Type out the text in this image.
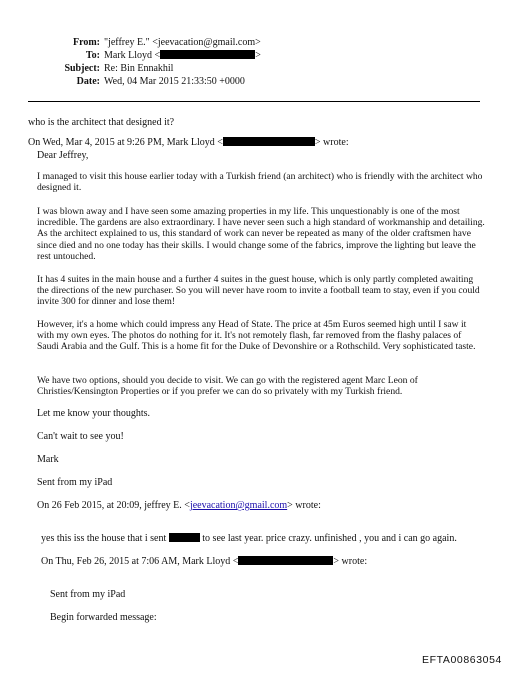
From: "jeffrey E." <jeevacation@gmail.com>
To: Mark Lloyd <	>
Subject: Re: Bin Ennakhil
Date: Wed, 04 Mar 2015 21:33:50 +0000
who is the architect that designed it?
On Wed, Mar 4, 2015 at 9:26 PM, Mark Lloyd <	> wrote:
Dear Jeffrey,

I managed to visit this house earlier today with a Turkish friend (an architect) who is friendly with the architect who designed it.

I was blown away and I have seen some amazing properties in my life. This unquestionably is one of the most incredible. The gardens are also extraordinary. I have never seen such a high standard of workmanship and detailing. As the architect explained to us, this standard of work can never be repeated as many of the older craftsmen have since died and no one today has their skills. I would change some of the fabrics, improve the lighting but leave the rest untouched.

It has 4 suites in the main house and a further 4 suites in the guest house, which is only partly completed awaiting the directions of the new purchaser. So you will never have room to invite a football team to stay, even if you could invite 300 for dinner and lose them!

However, it's a home which could impress any Head of State. The price at 45m Euros seemed high until I saw it with my own eyes. The photos do nothing for it. It's not remotely flash, far removed from the flashy palaces of Saudi Arabia and the Gulf. This is a home fit for the Duke of Devonshire or a Rothschild. Very sophisticated taste.

We have two options, should you decide to visit. We can go with the registered agent Marc Leon of Christies/Kensington Properties or if you prefer we can do so privately with my Turkish friend.

Let me know your thoughts.
Can't wait to see you!
Mark
Sent from my iPad
On 26 Feb 2015, at 20:09, jeffrey E. <jeevacation@gmail.com> wrote:
yes this iss the house that i sent	to see last year. price crazy. unfinished , you and i can go again.
On Thu, Feb 26, 2015 at 7:06 AM, Mark Lloyd <	> wrote:
Sent from my iPad
Begin forwarded message:
EFTA00863054
